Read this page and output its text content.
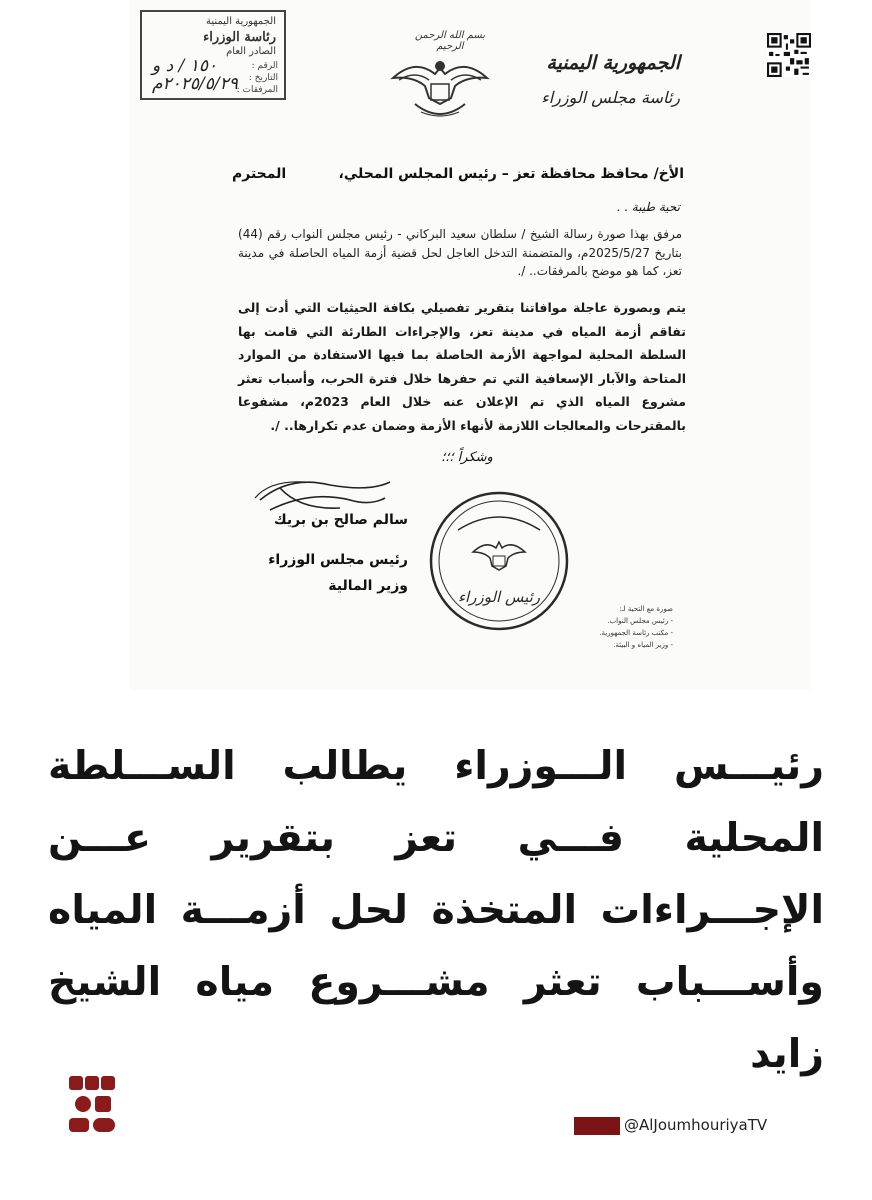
الجمهورية اليمنية
رئاسة الوزراء
الصادر العام
الرقم :
التاريخ :
المرفقات :
١٥٠ / د و
٢٠٢٥/٥/٢٩م
بسم الله الرحمن الرحيم
الجمهورية اليمنية
رئاسة مجلس الوزراء
الأخ/ محافظ محافظة تعز – رئيس المجلس المحلي،
المحترم
تحية طيبة . .
مرفق بهذا صورة رسالة الشيخ / سلطان سعيد البركاني - رئيس مجلس النواب رقم (44) بتاريخ 2025/5/27م، والمتضمنة التدخل العاجل لحل قضية أزمة المياه الحاصلة في مدينة تعز، كما هو موضح بالمرفقات.. /.
يتم وبصورة عاجلة موافاتنا بتقرير تفصيلي بكافة الحيثيات التي أدت إلى تفاقم أزمة المياه في مدينة تعز، والإجراءات الطارئة التي قامت بها السلطة المحلية لمواجهة الأزمة الحاصلة بما فيها الاستفادة من الموارد المتاحة والآبار الإسعافية التي تم حفرها خلال فترة الحرب، وأسباب تعثر مشروع المياه الذي تم الإعلان عنه خلال العام 2023م، مشفوعا بالمقترحات والمعالجات اللازمة لأنهاء الأزمة وضمان عدم تكرارها.. /.
وشكراً ؛؛؛
سالم صالح بن بريك
رئيس مجلس الوزراء
وزير المالية
رئيس الوزراء
صورة مع التحية لـ:
- رئيس مجلس النواب.
- مكتب رئاسة الجمهورية.
- وزير المياه و البيئة.
رئيـــس الـــوزراء يطالب الســـلطة المحلية فـــي تعز بتقرير عـــن الإجـــراءات المتخذة لحل أزمـــة المياه وأســـباب تعثر مشـــروع مياه الشيخ زايد
الجمهورية	@AlJoumhouriyaTV
